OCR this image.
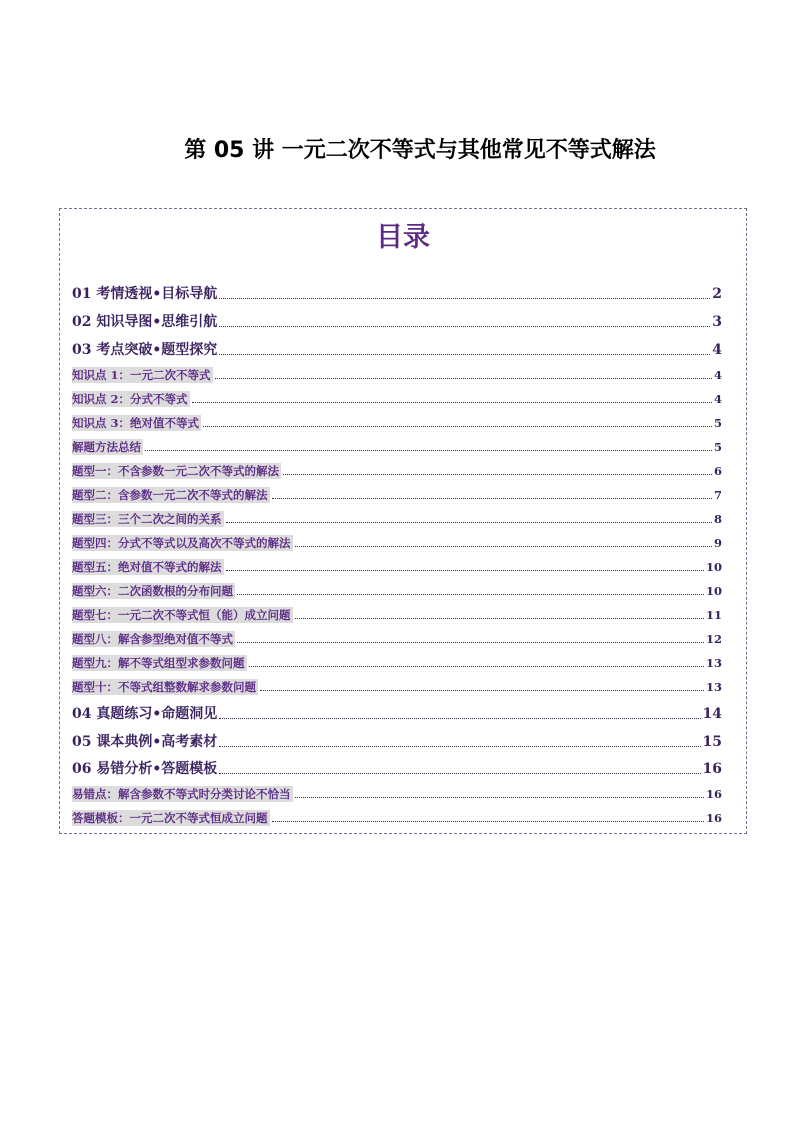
第 05 讲 一元二次不等式与其他常见不等式解法
目录
01 考情透视•目标导航	2
02 知识导图•思维引航	3
03 考点突破•题型探究	4
知识点 1：一元二次不等式	4
知识点 2：分式不等式	4
知识点 3：绝对值不等式	5
解题方法总结	5
题型一：不含参数一元二次不等式的解法	6
题型二：含参数一元二次不等式的解法	7
题型三：三个二次之间的关系	8
题型四：分式不等式以及高次不等式的解法	9
题型五：绝对值不等式的解法	10
题型六：二次函数根的分布问题	10
题型七：一元二次不等式恒（能）成立问题	11
题型八：解含参型绝对值不等式	12
题型九：解不等式组型求参数问题	13
题型十：不等式组整数解求参数问题	13
04 真题练习•命题洞见	14
05 课本典例•高考素材	15
06 易错分析•答题模板	16
易错点：解含参数不等式时分类讨论不恰当	16
答题模板：一元二次不等式恒成立问题	16
